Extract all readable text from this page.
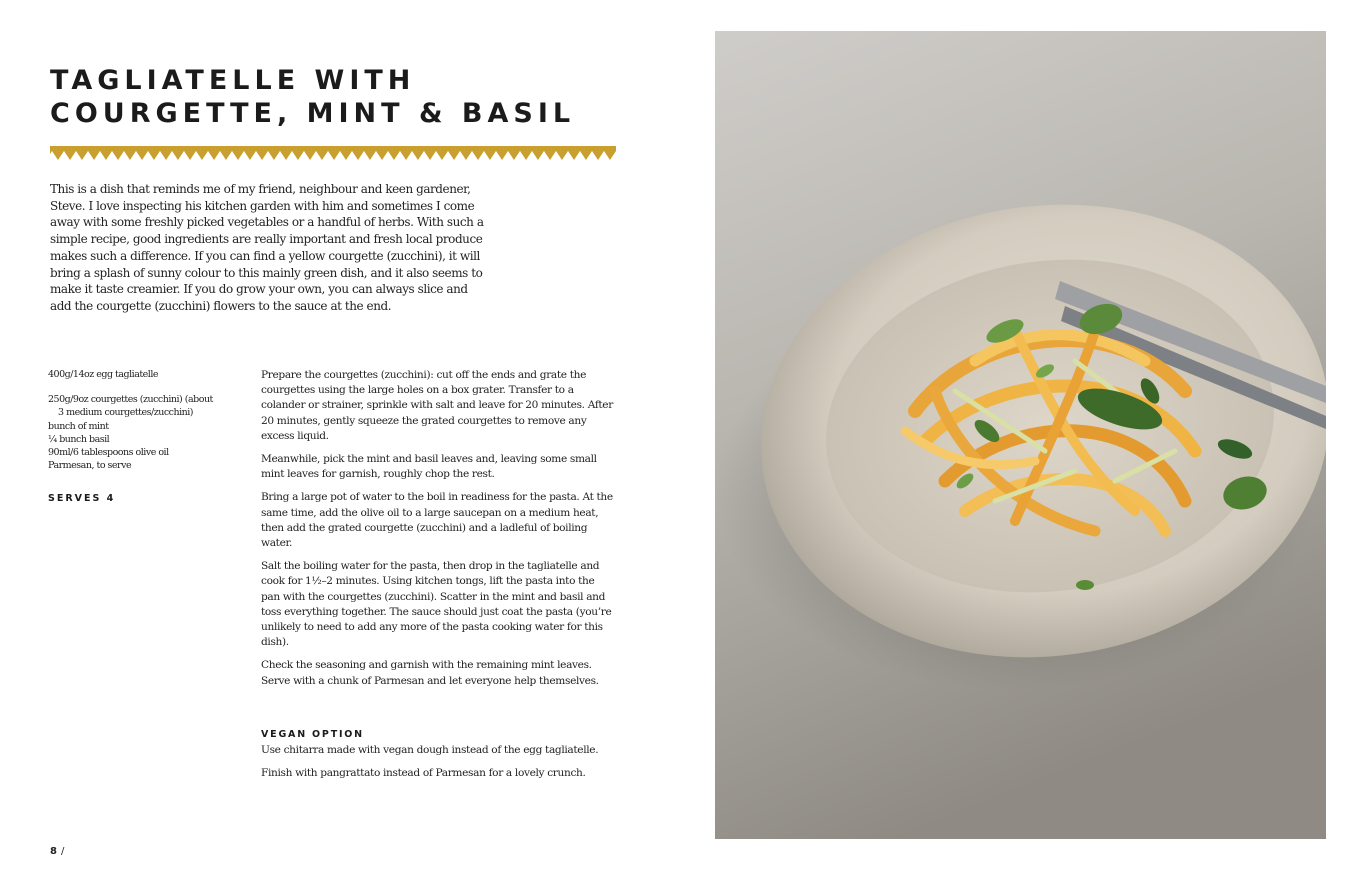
TAGLIATELLE WITH
COURGETTE, MINT & BASIL

This is a dish that reminds me of my friend, neighbour and keen gardener, Steve. I love inspecting his kitchen garden with him and sometimes I come away with some freshly picked vegetables or a handful of herbs. With such a simple recipe, good ingredients are really important and fresh local produce makes such a difference. If you can find a yellow courgette (zucchini), it will bring a splash of sunny colour to this mainly green dish, and it also seems to make it taste creamier. If you do grow your own, you can always slice and add the courgette (zucchini) flowers to the sauce at the end.

400g/14oz egg tagliatelle
250g/9oz courgettes (zucchini) (about
3 medium courgettes/zucchini)
bunch of mint
¼ bunch basil
90ml/6 tablespoons olive oil
Parmesan, to serve
SERVES 4

Prepare the courgettes (zucchini): cut off the ends and grate the courgettes using the large holes on a box grater. Transfer to a colander or strainer, sprinkle with salt and leave for 20 minutes. After 20 minutes, gently squeeze the grated courgettes to remove any excess liquid.

Meanwhile, pick the mint and basil leaves and, leaving some small mint leaves for garnish, roughly chop the rest.

Bring a large pot of water to the boil in readiness for the pasta. At the same time, add the olive oil to a large saucepan on a medium heat, then add the grated courgette (zucchini) and a ladleful of boiling water.

Salt the boiling water for the pasta, then drop in the tagliatelle and cook for 1½–2 minutes. Using kitchen tongs, lift the pasta into the pan with the courgettes (zucchini). Scatter in the mint and basil and toss everything together. The sauce should just coat the pasta (you’re unlikely to need to add any more of the pasta cooking water for this dish).

Check the seasoning and garnish with the remaining mint leaves. Serve with a chunk of Parmesan and let everyone help themselves.

VEGAN OPTION

Use chitarra made with vegan dough instead of the egg tagliatelle.

Finish with pangrattato instead of Parmesan for a lovely crunch.

8 /
